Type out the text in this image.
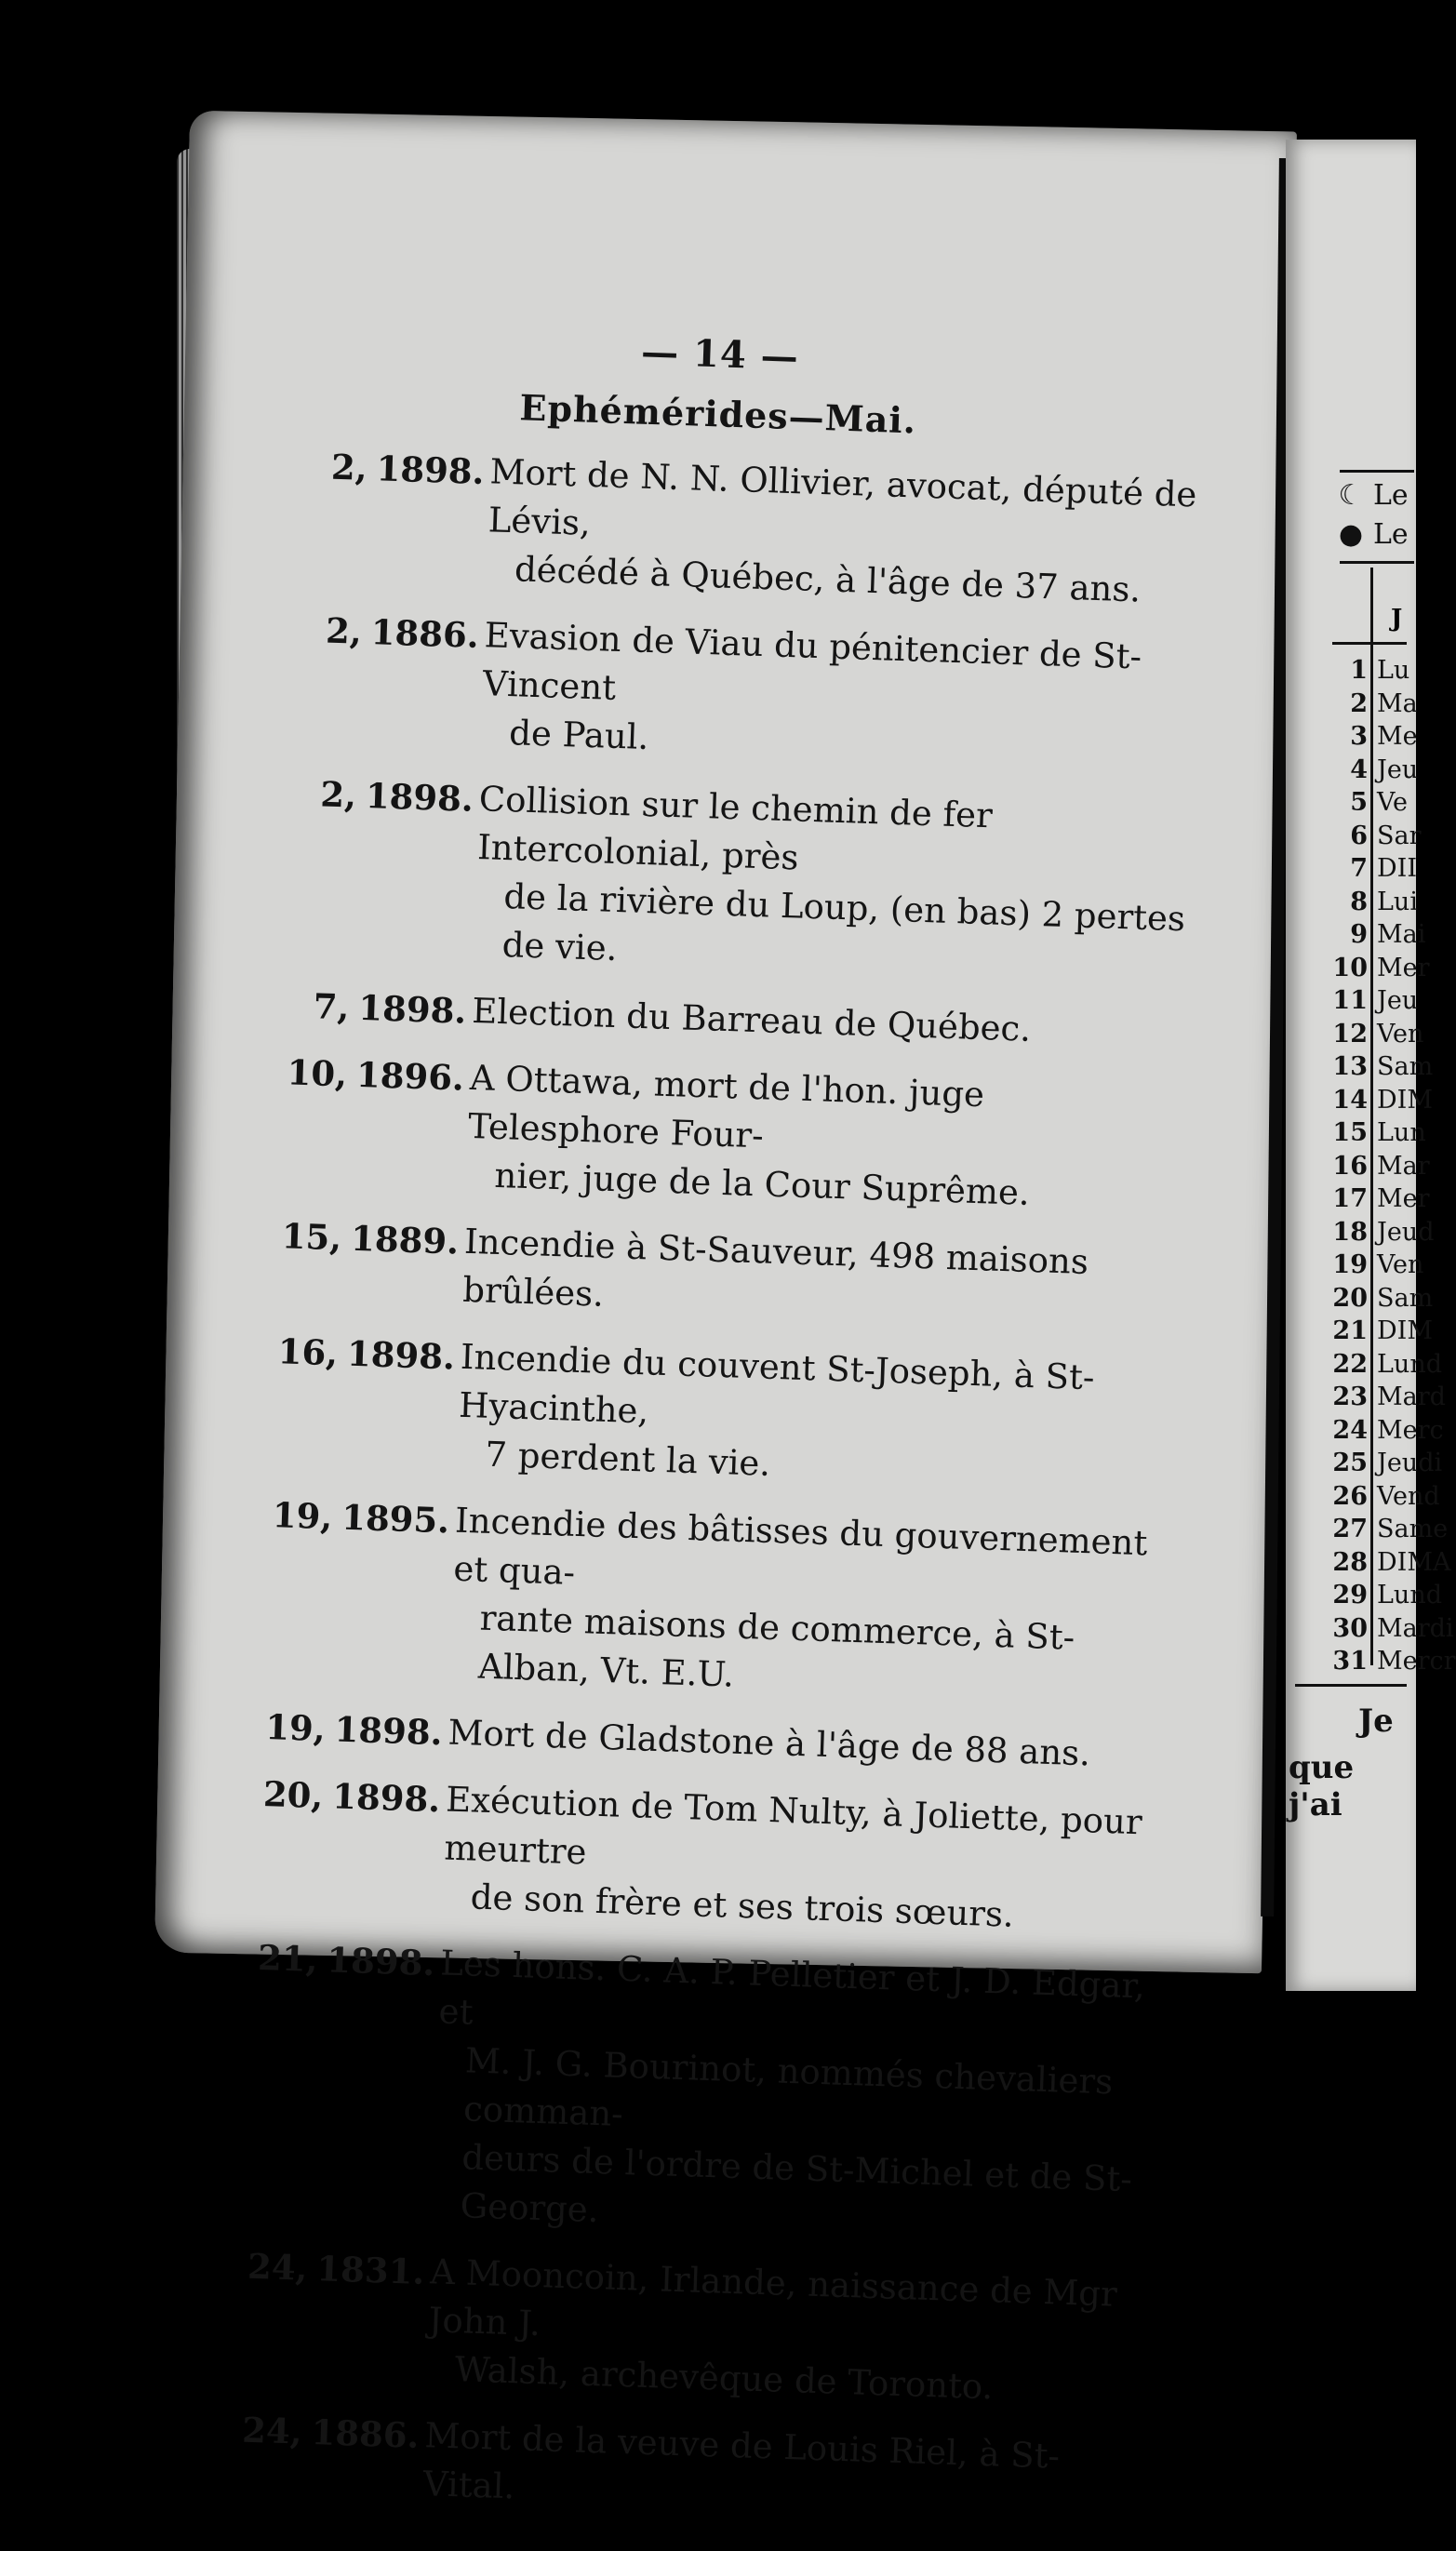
— 14 —
Ephémérides—Mai.
2, 1898. Mort de N. N. Ollivier, avocat, député de Lévis,
décédé à Québec, à l'âge de 37 ans.
2, 1886. Evasion de Viau du pénitencier de St-Vincent
de Paul.
2, 1898. Collision sur le chemin de fer Intercolonial, près
de la rivière du Loup, (en bas) 2 pertes de vie.
7, 1898. Election du Barreau de Québec.
10, 1896. A Ottawa, mort de l'hon. juge Telesphore Four-
nier, juge de la Cour Suprême.
15, 1889. Incendie à St-Sauveur, 498 maisons brûlées.
16, 1898. Incendie du couvent St-Joseph, à St-Hyacinthe,
7 perdent la vie.
19, 1895. Incendie des bâtisses du gouvernement et qua-
rante maisons de commerce, à St-Alban, Vt. E.U.
19, 1898. Mort de Gladstone à l'âge de 88 ans.
20, 1898. Exécution de Tom Nulty, à Joliette, pour meurtre
de son frère et ses trois sœurs.
21, 1898. Les hons. C. A. P. Pelletier et J. D. Edgar, et
M. J. G. Bourinot, nommés chevaliers comman-
deurs de l'ordre de St-Michel et de St-George.
24, 1831. A Mooncoin, Irlande, naissance de Mgr John J.
Walsh, archevêque de Toronto.
24, 1886. Mort de la veuve de Louis Riel, à St-Vital.
☾ Le
● Le
J
1 Lu
2 Ma
3 Me
4 Jeu
5 Ve
6 Sar
7 DII
8 Lui
9 Mai
10 Mer
11 Jeu
12 Ven
13 Sam
14 DIM
15 Lun
16 Mar
17 Mer
18 Jeud
19 Ven
20 Sam
21 DIM
22 Lund
23 Mard
24 Merc
25 Jeudi
26 Vend
27 Same
28 DIMA
29 Lund
30 Mardi
31 Mercr
Je
que j'ai
